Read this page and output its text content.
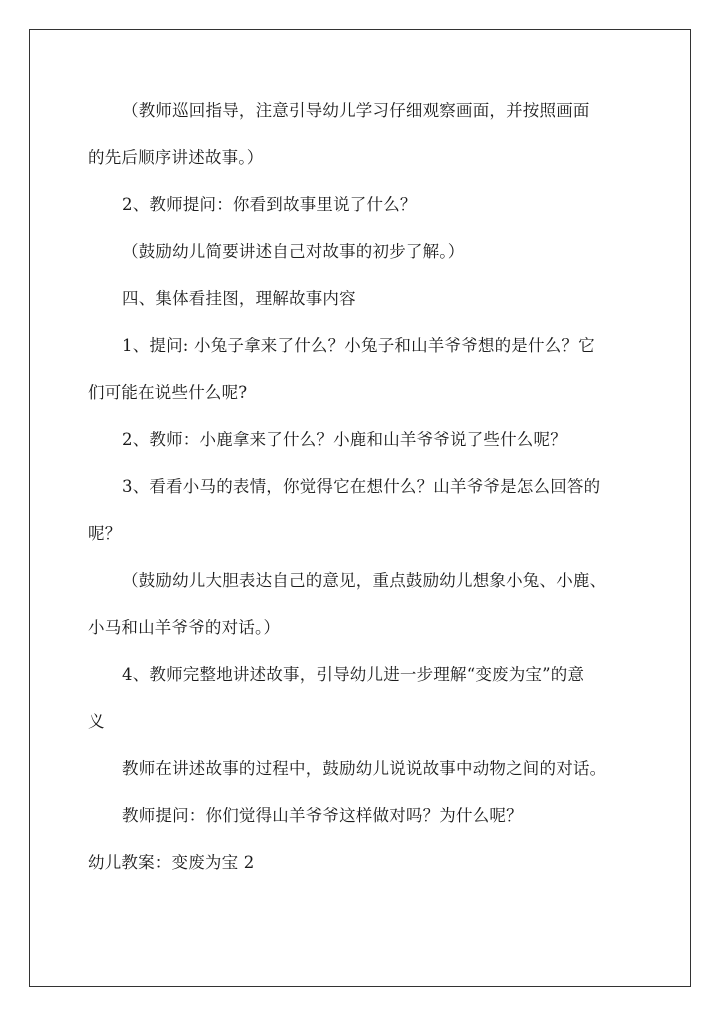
（教师巡回指导，注意引导幼儿学习仔细观察画面，并按照画面
的先后顺序讲述故事。）
2、教师提问：你看到故事里说了什么？
（鼓励幼儿简要讲述自己对故事的初步了解。）
四、集体看挂图，理解故事内容
1、提问: 小兔子拿来了什么？小兔子和山羊爷爷想的是什么？它
们可能在说些什么呢?
2、教师：小鹿拿来了什么？小鹿和山羊爷爷说了些什么呢？
3、看看小马的表情，你觉得它在想什么？山羊爷爷是怎么回答的
呢？
（鼓励幼儿大胆表达自己的意见，重点鼓励幼儿想象小兔、小鹿、
小马和山羊爷爷的对话。）
4、教师完整地讲述故事，引导幼儿进一步理解“变废为宝”的意
义
教师在讲述故事的过程中，鼓励幼儿说说故事中动物之间的对话。
教师提问：你们觉得山羊爷爷这样做对吗？为什么呢？
幼儿教案：变废为宝 2
